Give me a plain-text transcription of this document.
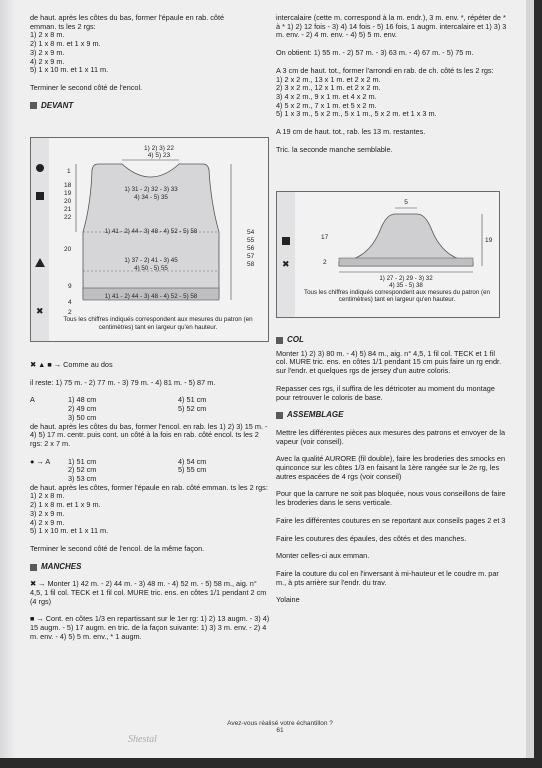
de haut. après les côtes du bas, former l'épaule en rab. côté

emman. ts les 2 rgs:

1) 2 x 8 m.

2) 1 x 8 m. et 1 x 9 m.

3) 2 x 9 m.

4) 2 x 9 m.

5) 1 x 10 m. et 1 x 11 m.

Terminer le second côté de l'encol.

DEVANT
✖
1) 2) 3) 22
4) 5) 23
1
18
19
20
21
22
20
9
4
2
1) 31 - 2) 32 - 3) 33
4) 34 - 5) 35
1) 41 - 2) 44 - 3) 48 - 4) 52 - 5) 58
1) 37 - 2) 41 - 3) 45
4) 50 - 5) 55
1) 41 - 2) 44 - 3) 48 - 4) 52 - 5) 58
54
55
56
57
58
Tous les chiffres indiqués correspondent aux mesures du patron (en centimètres) tant en largeur qu'en hauteur.

✖ ▲ ■ → Comme au dos

il reste: 1) 75 m. - 2) 77 m. - 3) 79 m. - 4) 81 m. - 5) 87 m.

A	1) 48 cm	4) 51 cm
2) 49 cm	5) 52 cm
3) 50 cm

de haut. après les côtes du bas, former l'encol. en rab. les 1) 2) 3) 15 m. - 4) 5) 17 m. centr. puis cont. un côté à la fois en rab. côté encol. ts les 2 rgs: 2 x 7 m.

● → A	1) 51 cm	4) 54 cm
2) 52 cm	5) 55 cm
3) 53 cm

de haut. après les côtes, former l'épaule en rab. côté emman. ts les 2 rgs:

1) 2 x 8 m.

2) 1 x 8 m. et 1 x 9 m.

3) 2 x 9 m.

4) 2 x 9 m.

5) 1 x 10 m. et 1 x 11 m.

Terminer le second côté de l'encol. de la même façon.

MANCHES

✖ → Monter 1) 42 m. - 2) 44 m. - 3) 48 m. - 4) 52 m. - 5) 58 m., aig. n° 4,5, 1 fil col. TECK et 1 fil col. MURE tric. ens. en côtes 1/1 pendant 2 cm (4 rgs)

■ → Cont. en côtes 1/3 en repartissant sur le 1er rg: 1) 2) 13 augm. - 3) 4) 15 augm. - 5) 17 augm. en tric. de la façon suivante: 1) 3) 3 m. env. - 2) 4 m. env. - 4) 5) 5 m. env., * 1 augm.

intercalaire (cette m. correspond à la m. endr.), 3 m. env. *, répéter de * à * 1) 2) 12 fois - 3) 4) 14 fois - 5) 16 fois, 1 augm. intercalaire et 1) 3) 3 m. env. - 2) 4 m. env. - 4) 5) 5 m. env.

On obtient: 1) 55 m. - 2) 57 m. - 3) 63 m. - 4) 67 m. - 5) 75 m.

A 3 cm de haut. tot., former l'arrondi en rab. de ch. côté ts les 2 rgs:

1) 2 x 2 m., 13 x 1 m. et 2 x 2 m.

2) 3 x 2 m., 12 x 1 m. et 2 x 2 m.

3) 4 x 2 m., 9 x 1 m. et 4 x 2 m.

4) 5 x 2 m., 7 x 1 m. et 5 x 2 m.

5) 1 x 3 m., 5 x 2 m., 5 x 1 m., 5 x 2 m. et 1 x 3 m.

A 19 cm de haut. tot., rab. les 13 m. restantes.

Tric. la seconde manche semblable.

✖
5
17	19
2
1) 27 - 2) 29 - 3) 32
4) 35 - 5) 38
Tous les chiffres indiqués correspondent aux mesures du patron (en centimètres) tant en largeur qu'en hauteur.
COL

Monter 1) 2) 3) 80 m. - 4) 5) 84 m., aig. n° 4,5, 1 fil col. TECK et 1 fil col. MURE tric. ens. en côtes 1/1 pendant 15 cm puis faire un rg endr. sur l'endr. et quelques rgs de jersey d'un autre coloris.

Repasser ces rgs, il suffira de les détricoter au moment du montage pour retrouver le coloris de base.

ASSEMBLAGE

Mettre les différentes pièces aux mesures des patrons et envoyer de la vapeur (voir conseil).

Avec la qualité AURORE (fil double), faire les broderies des smocks en quinconce sur les côtes 1/3 en faisant la 1ère rangée sur le 2e rg, les autres espacées de 4 rgs (voir conseil)

Pour que la carrure ne soit pas bloquée, nous vous conseillons de faire les broderies dans le sens verticale.

Faire les différentes coutures en se reportant aux conseils pages 2 et 3

Faire les coutures des épaules, des côtés et des manches.

Monter celles-ci aux emman.

Faire la couture du col en l'inversant à mi-hauteur et le coudre m. par m., à pts arrière sur l'endr. du trav.

Yolaine

Avez-vous réalisé votre échantillon ?
61
Shestal
